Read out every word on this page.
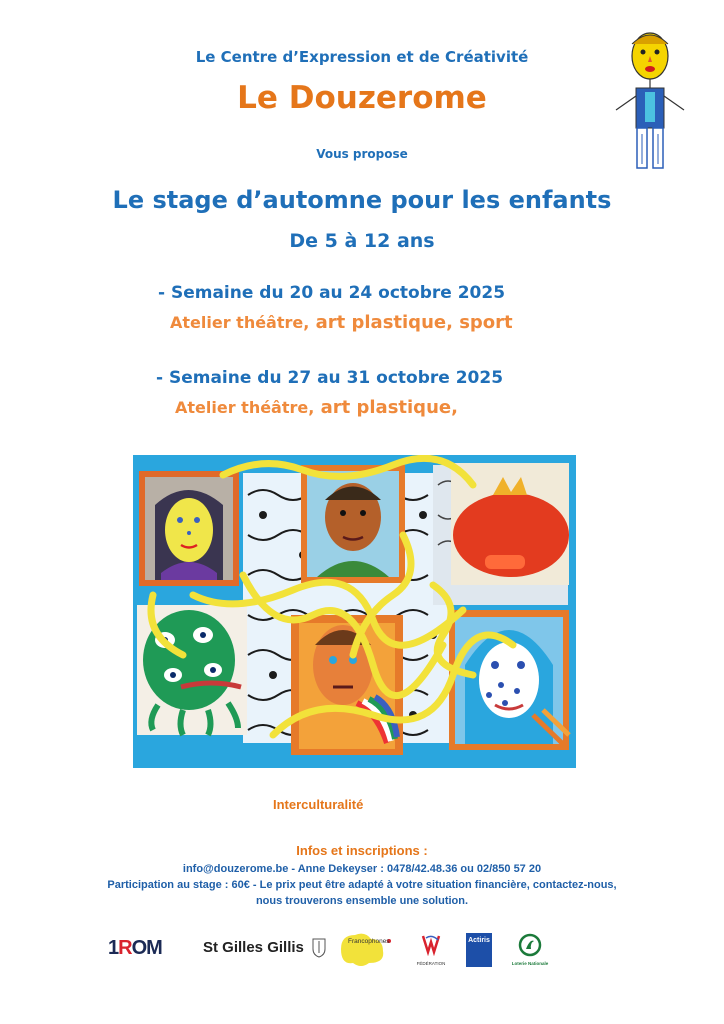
Le Centre d’Expression et de Créativité
Le Douzerome
Vous propose
Le stage d’automne pour les enfants
De 5 à 12 ans
- Semaine du 20 au 24 octobre 2025
Atelier théâtre, art plastique, sport
- Semaine du 27 au 31 octobre 2025
Atelier théâtre, art plastique,
Interculturalité
Infos et inscriptions :
info@douzerome.be - Anne Dekeyser : 0478/42.48.36 ou 02/850 57 20
Participation au stage : 60€ - Le prix peut être adapté à votre situation financière, contactez-nous,
nous trouverons ensemble une solution.
1ROM	St Gilles Gillis	Francophones
FÉDÉRATION
Actiris
Loterie Nationale
